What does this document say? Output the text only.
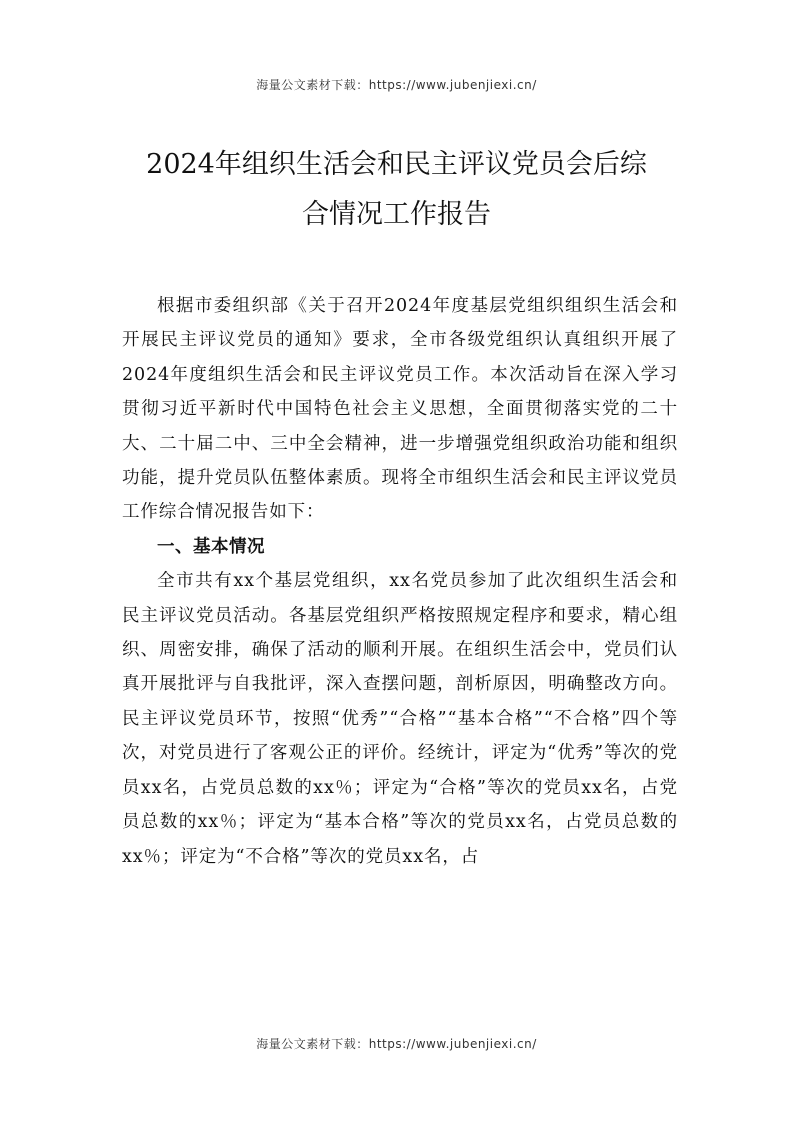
海量公文素材下载：https://www.jubenjiexi.cn/
2024年组织生活会和民主评议党员会后综
合情况工作报告

根据市委组织部《关于召开2024年度基层党组织组织生活会和开展民主评议党员的通知》要求，全市各级党组织认真组织开展了2024年度组织生活会和民主评议党员工作。本次活动旨在深入学习贯彻习近平新时代中国特色社会主义思想，全面贯彻落实党的二十大、二十届二中、三中全会精神，进一步增强党组织政治功能和组织功能，提升党员队伍整体素质。现将全市组织生活会和民主评议党员工作综合情况报告如下：

一、基本情况

全市共有xx个基层党组织，xx名党员参加了此次组织生活会和民主评议党员活动。各基层党组织严格按照规定程序和要求，精心组织、周密安排，确保了活动的顺利开展。在组织生活会中，党员们认真开展批评与自我批评，深入查摆问题，剖析原因，明确整改方向。民主评议党员环节，按照“优秀”“合格”“基本合格”“不合格”四个等次，对党员进行了客观公正的评价。经统计，评定为“优秀”等次的党员xx名，占党员总数的xx％；评定为“合格”等次的党员xx名，占党员总数的xx％；评定为“基本合格”等次的党员xx名，占党员总数的xx％；评定为“不合格”等次的党员xx名，占

海量公文素材下载：https://www.jubenjiexi.cn/
